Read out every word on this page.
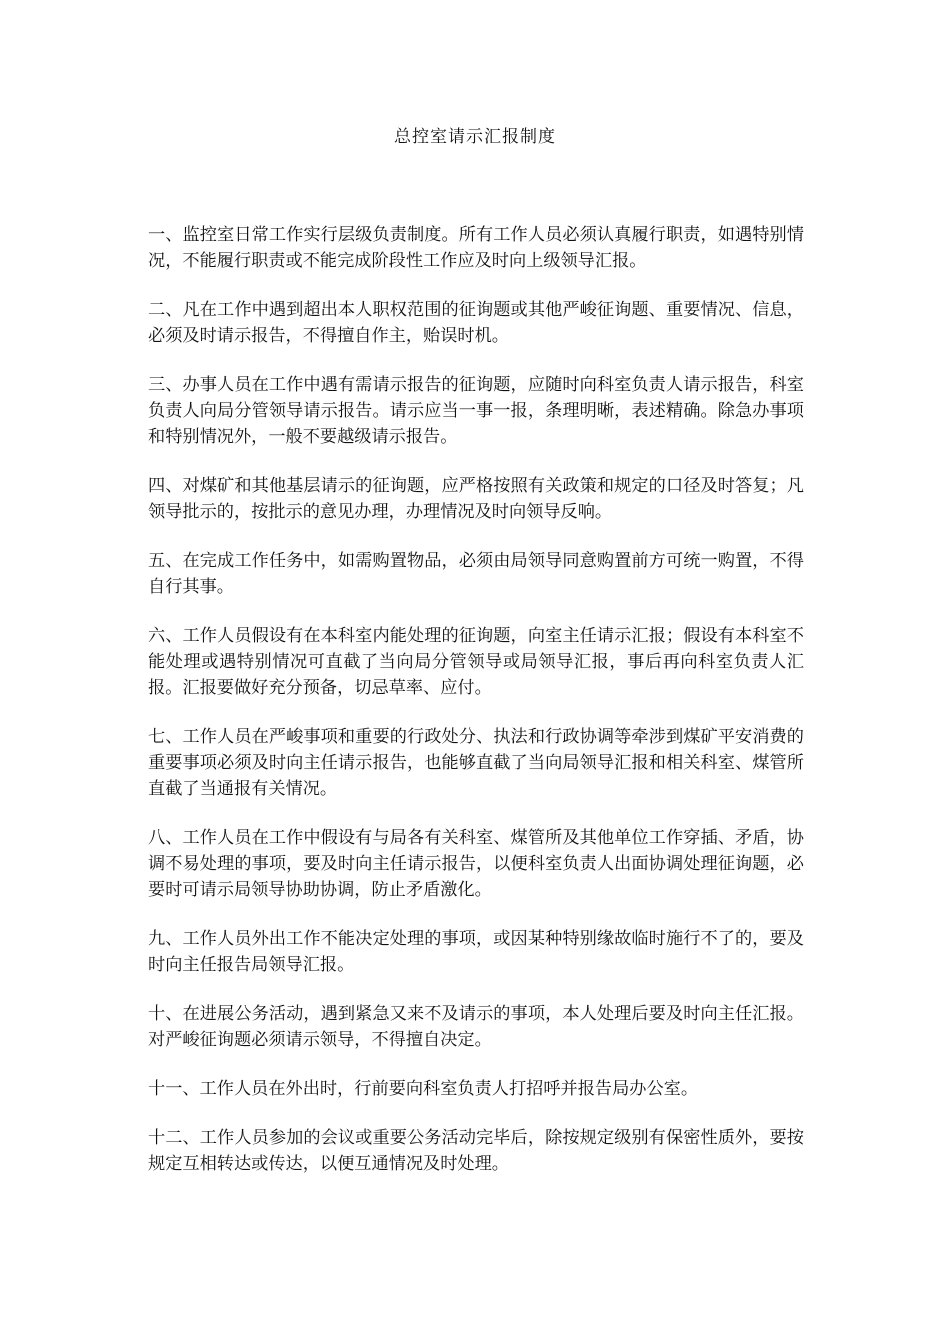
总控室请示汇报制度

一、监控室日常工作实行层级负责制度。所有工作人员必须认真履行职责，如遇特别情况，不能履行职责或不能完成阶段性工作应及时向上级领导汇报。

二、凡在工作中遇到超出本人职权范围的征询题或其他严峻征询题、重要情况、信息，必须及时请示报告，不得擅自作主，贻误时机。

三、办事人员在工作中遇有需请示报告的征询题，应随时向科室负责人请示报告，科室负责人向局分管领导请示报告。请示应当一事一报，条理明晰，表述精确。除急办事项和特别情况外，一般不要越级请示报告。

四、对煤矿和其他基层请示的征询题，应严格按照有关政策和规定的口径及时答复；凡领导批示的，按批示的意见办理，办理情况及时向领导反响。

五、在完成工作任务中，如需购置物品，必须由局领导同意购置前方可统一购置，不得自行其事。

六、工作人员假设有在本科室内能处理的征询题，向室主任请示汇报；假设有本科室不能处理或遇特别情况可直截了当向局分管领导或局领导汇报，事后再向科室负责人汇报。汇报要做好充分预备，切忌草率、应付。

七、工作人员在严峻事项和重要的行政处分、执法和行政协调等牵涉到煤矿平安消费的重要事项必须及时向主任请示报告，也能够直截了当向局领导汇报和相关科室、煤管所直截了当通报有关情况。

八、工作人员在工作中假设有与局各有关科室、煤管所及其他单位工作穿插、矛盾，协调不易处理的事项，要及时向主任请示报告，以便科室负责人出面协调处理征询题，必要时可请示局领导协助协调，防止矛盾激化。

九、工作人员外出工作不能决定处理的事项，或因某种特别缘故临时施行不了的，要及时向主任报告局领导汇报。

十、在进展公务活动，遇到紧急又来不及请示的事项，本人处理后要及时向主任汇报。对严峻征询题必须请示领导，不得擅自决定。

十一、工作人员在外出时，行前要向科室负责人打招呼并报告局办公室。

十二、工作人员参加的会议或重要公务活动完毕后，除按规定级别有保密性质外，要按规定互相转达或传达，以便互通情况及时处理。
